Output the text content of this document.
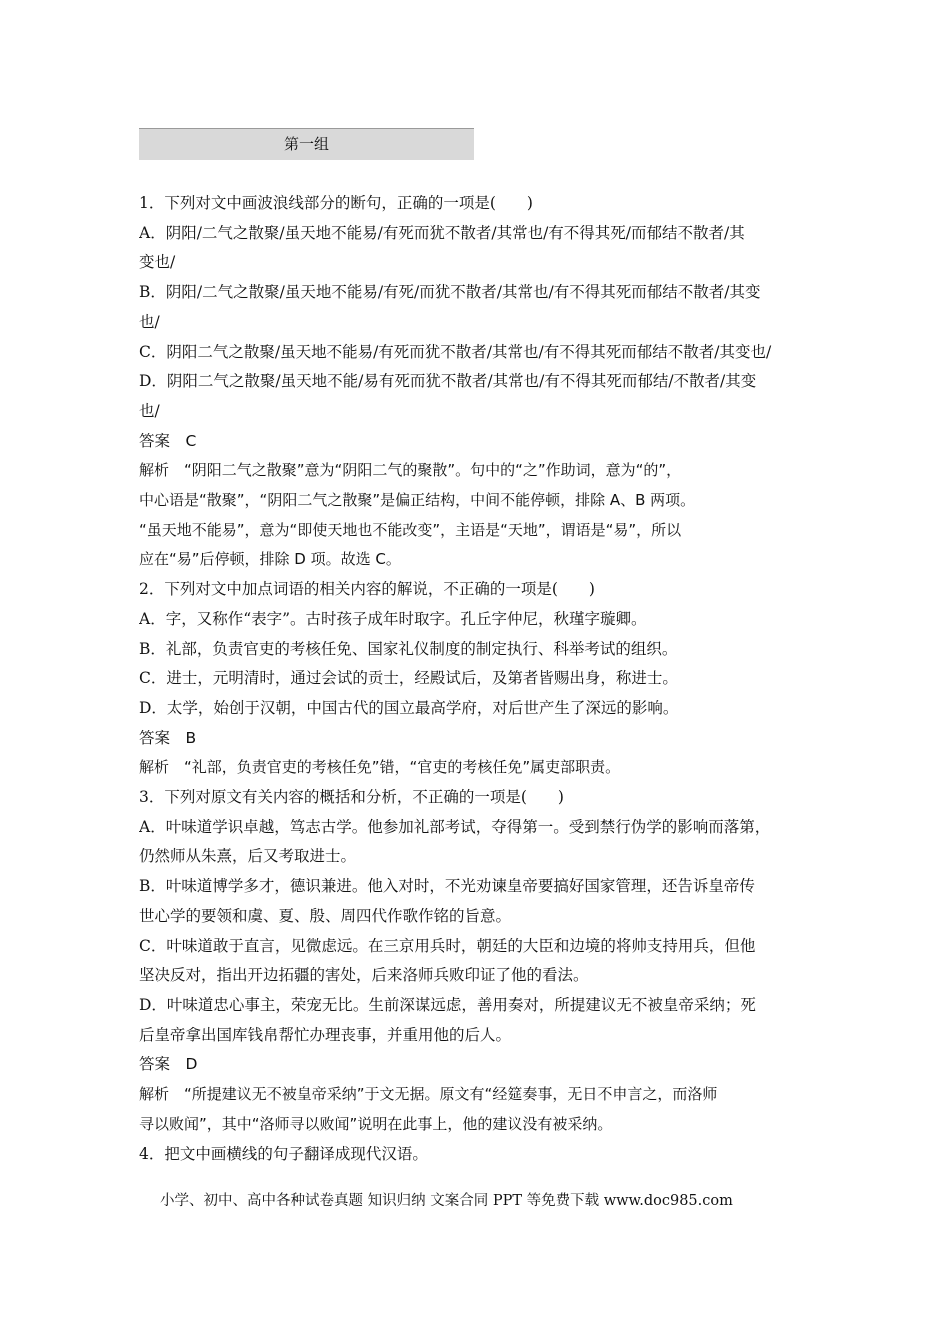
第一组
1．下列对文中画波浪线部分的断句，正确的一项是(　　)
A．阴阳/二气之散聚/虽天地不能易/有死而犹不散者/其常也/有不得其死/而郁结不散者/其
变也/
B．阴阳/二气之散聚/虽天地不能易/有死/而犹不散者/其常也/有不得其死而郁结不散者/其变
也/
C．阴阳二气之散聚/虽天地不能易/有死而犹不散者/其常也/有不得其死而郁结不散者/其变也/
D．阴阳二气之散聚/虽天地不能/易有死而犹不散者/其常也/有不得其死而郁结/不散者/其变
也/
答案　C
解析　“阴阳二气之散聚”意为“阴阳二气的聚散”。句中的“之”作助词，意为“的”，
中心语是“散聚”，“阴阳二气之散聚”是偏正结构，中间不能停顿，排除 A、B 两项。
“虽天地不能易”，意为“即使天地也不能改变”，主语是“天地”，谓语是“易”，所以
应在“易”后停顿，排除 D 项。故选 C。
2．下列对文中加点词语的相关内容的解说，不正确的一项是(　　)
A．字，又称作“表字”。古时孩子成年时取字。孔丘字仲尼，秋瑾字璇卿。
B．礼部，负责官吏的考核任免、国家礼仪制度的制定执行、科举考试的组织。
C．进士，元明清时，通过会试的贡士，经殿试后，及第者皆赐出身，称进士。
D．太学，始创于汉朝，中国古代的国立最高学府，对后世产生了深远的影响。
答案　B
解析　“礼部，负责官吏的考核任免”错，“官吏的考核任免”属吏部职责。
3．下列对原文有关内容的概括和分析，不正确的一项是(　　)
A．叶味道学识卓越，笃志古学。他参加礼部考试，夺得第一。受到禁行伪学的影响而落第，
仍然师从朱熹，后又考取进士。
B．叶味道博学多才，德识兼进。他入对时，不光劝谏皇帝要搞好国家管理，还告诉皇帝传
世心学的要领和虞、夏、殷、周四代作歌作铭的旨意。
C．叶味道敢于直言，见微虑远。在三京用兵时，朝廷的大臣和边境的将帅支持用兵，但他
坚决反对，指出开边拓疆的害处，后来洛师兵败印证了他的看法。
D．叶味道忠心事主，荣宠无比。生前深谋远虑，善用奏对，所提建议无不被皇帝采纳；死
后皇帝拿出国库钱帛帮忙办理丧事，并重用他的后人。
答案　D
解析　“所提建议无不被皇帝采纳”于文无据。原文有“经筵奏事，无日不申言之，而洛师
寻以败闻”，其中“洛师寻以败闻”说明在此事上，他的建议没有被采纳。
4．把文中画横线的句子翻译成现代汉语。
小学、初中、高中各种试卷真题 知识归纳 文案合同 PPT 等免费下载 www.doc985.com
